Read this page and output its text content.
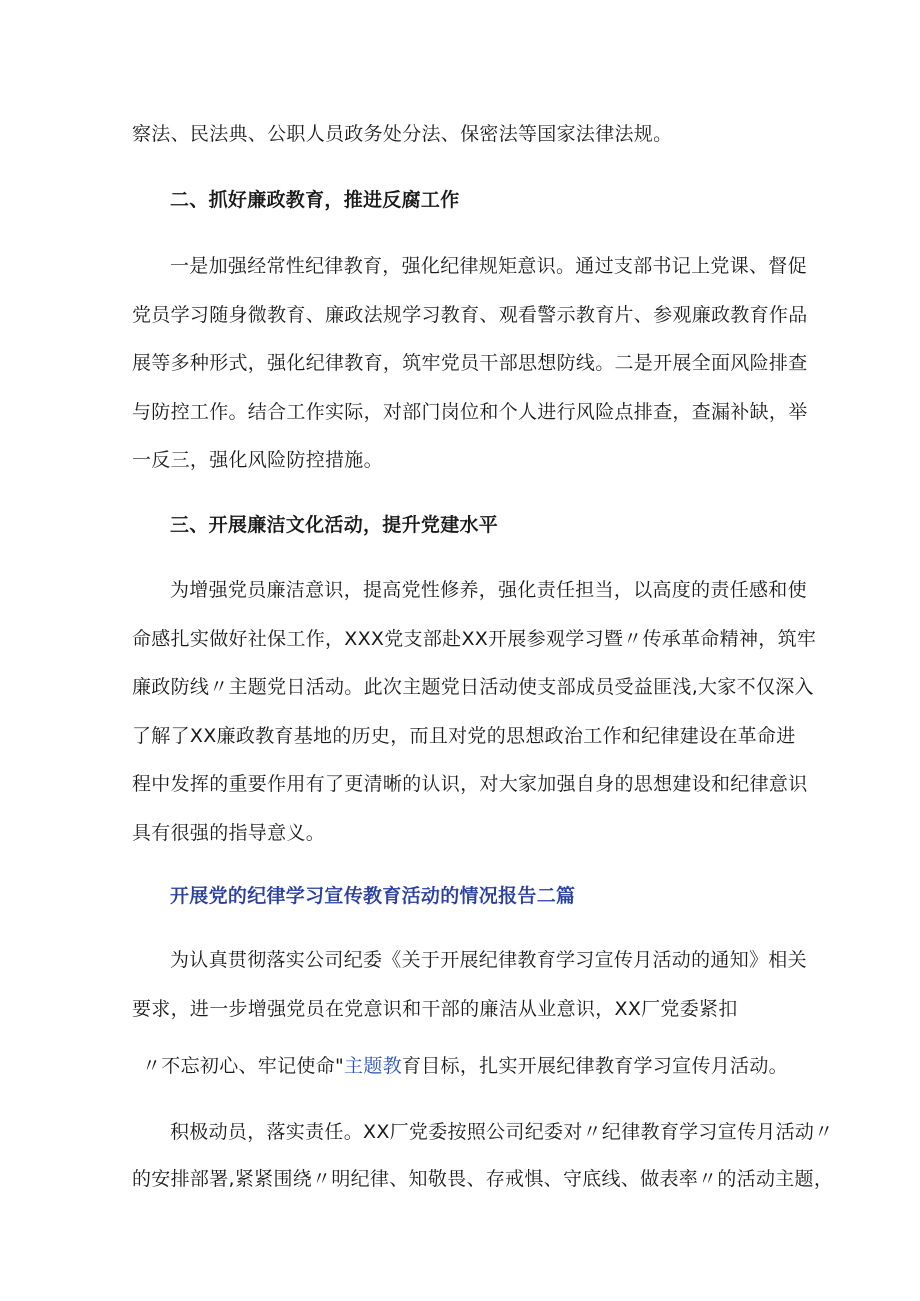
察法、民法典、公职人员政务处分法、保密法等国家法律法规。
二、抓好廉政教育，推进反腐工作
一是加强经常性纪律教育，强化纪律规矩意识。通过支部书记上党课、督促
党员学习随身微教育、廉政法规学习教育、观看警示教育片、参观廉政教育作品
展等多种形式，强化纪律教育，筑牢党员干部思想防线。二是开展全面风险排查
与防控工作。结合工作实际，对部门岗位和个人进行风险点排查，查漏补缺，举
一反三，强化风险防控措施。
三、开展廉洁文化活动，提升党建水平
为增强党员廉洁意识，提高党性修养，强化责任担当，以高度的责任感和使
命感扎实做好社保工作，XXX党支部赴XX开展参观学习暨〃传承革命精神，筑牢
廉政防线〃主题党日活动。此次主题党日活动使支部成员受益匪浅,大家不仅深入
了解了XX廉政教育基地的历史，而且对党的思想政治工作和纪律建设在革命进
程中发挥的重要作用有了更清晰的认识，对大家加强自身的思想建设和纪律意识
具有很强的指导意义。
开展党的纪律学习宣传教育活动的情况报告二篇
为认真贯彻落实公司纪委《关于开展纪律教育学习宣传月活动的通知》相关
要求，进一步增强党员在党意识和干部的廉洁从业意识，XX厂党委紧扣
〃不忘初心、牢记使命"主题教育目标，扎实开展纪律教育学习宣传月活动。
积极动员，落实责任。XX厂党委按照公司纪委对〃纪律教育学习宣传月活动〃
的安排部署,紧紧围绕〃明纪律、知敬畏、存戒惧、守底线、做表率〃的活动主题，
